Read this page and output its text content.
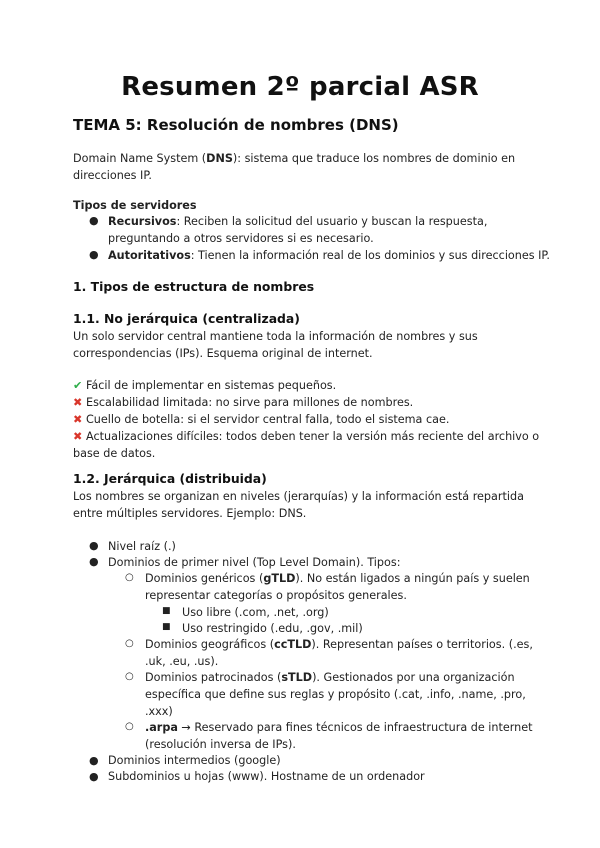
Resumen 2º parcial ASR
TEMA 5: Resolución de nombres (DNS)
Domain Name System (DNS): sistema que traduce los nombres de dominio en
direcciones IP.
Tipos de servidores
● Recursivos: Reciben la solicitud del usuario y buscan la respuesta,
preguntando a otros servidores si es necesario.
● Autoritativos: Tienen la información real de los dominios y sus direcciones IP.
1. Tipos de estructura de nombres
1.1. No jerárquica (centralizada)
Un solo servidor central mantiene toda la información de nombres y sus
correspondencias (IPs). Esquema original de internet.
✔ Fácil de implementar en sistemas pequeños.
✖ Escalabilidad limitada: no sirve para millones de nombres.
✖ Cuello de botella: si el servidor central falla, todo el sistema cae.
✖ Actualizaciones difíciles: todos deben tener la versión más reciente del archivo o
base de datos.
1.2. Jerárquica (distribuida)
Los nombres se organizan en niveles (jerarquías) y la información está repartida
entre múltiples servidores. Ejemplo: DNS.
● Nivel raíz (.)
● Dominios de primer nivel (Top Level Domain). Tipos:
○ Dominios genéricos (gTLD). No están ligados a ningún país y suelen
representar categorías o propósitos generales.
■ Uso libre (.com, .net, .org)
■ Uso restringido (.edu, .gov, .mil)
○ Dominios geográficos (ccTLD). Representan países o territorios. (.es,
.uk, .eu, .us).
○ Dominios patrocinados (sTLD). Gestionados por una organización
específica que define sus reglas y propósito (.cat, .info, .name, .pro,
.xxx)
○ .arpa → Reservado para fines técnicos de infraestructura de internet
(resolución inversa de IPs).
● Dominios intermedios (google)
● Subdominios u hojas (www). Hostname de un ordenador
